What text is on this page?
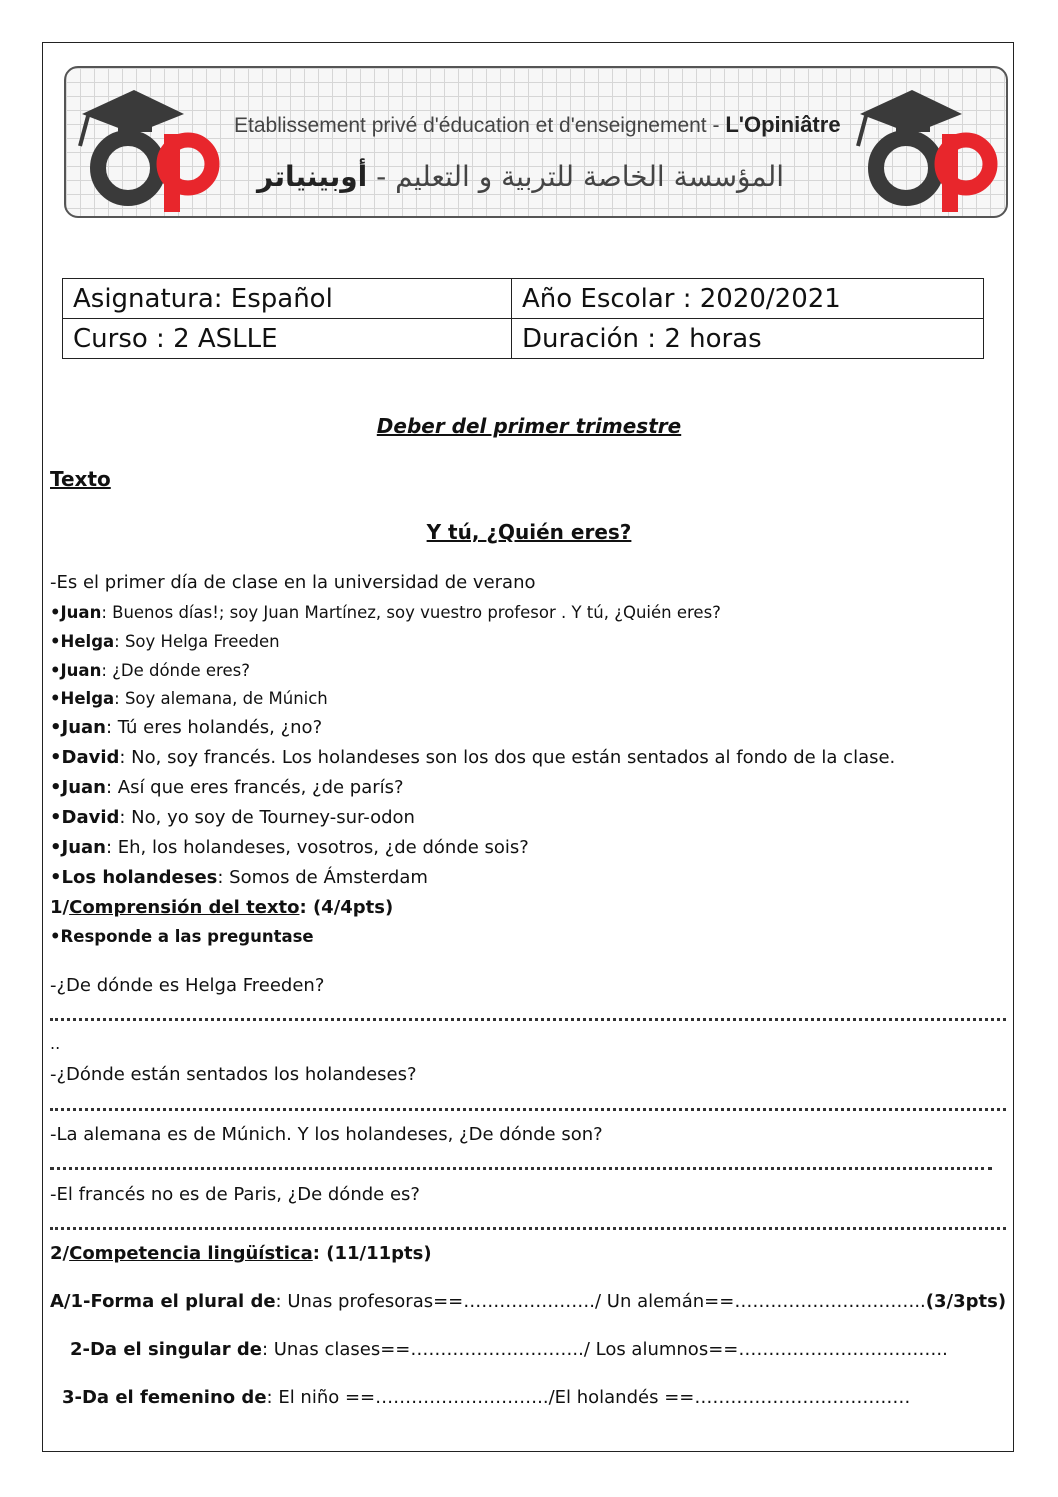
Etablissement privé d'éducation et d'enseignement - L'Opiniâtre
المؤسسة الخاصة للتربية و التعليم - أوبينياتر
Asignatura: Español	Año Escolar : 2020/2021
Curso : 2 ASLLE	Duración : 2 horas
Deber del primer trimestre
Texto
Y tú, ¿Quién eres?
-Es el primer día de clase en la universidad de verano
•Juan: Buenos días!; soy Juan Martínez, soy vuestro profesor . Y tú, ¿Quién eres?
•Helga: Soy Helga Freeden
•Juan: ¿De dónde eres?
•Helga: Soy alemana, de Múnich
•Juan: Tú eres holandés, ¿no?
•David: No, soy francés. Los holandeses son los dos que están sentados al fondo de la clase.
•Juan: Así que eres francés, ¿de parís?
•David: No, yo soy de Tourney-sur-odon
•Juan: Eh, los holandeses, vosotros, ¿de dónde sois?
•Los holandeses: Somos de Ámsterdam
1/Comprensión del texto: (4/4pts)
•Responde a las preguntase
-¿De dónde es Helga Freeden?
..
-¿Dónde están sentados los holandeses?
-La alemana es de Múnich. Y los holandeses, ¿De dónde son?
-El francés no es de Paris, ¿De dónde es?
2/Competencia lingüística: (11/11pts)
A/1-Forma el plural de: Unas profesoras==…………………./ Un alemán==…………………………..(3/3pts)
2-Da el singular de: Unas clases==………………………../ Los alumnos==……………………………..
3-Da el femenino de: El niño ==………………………../El holandés ==………………………………
